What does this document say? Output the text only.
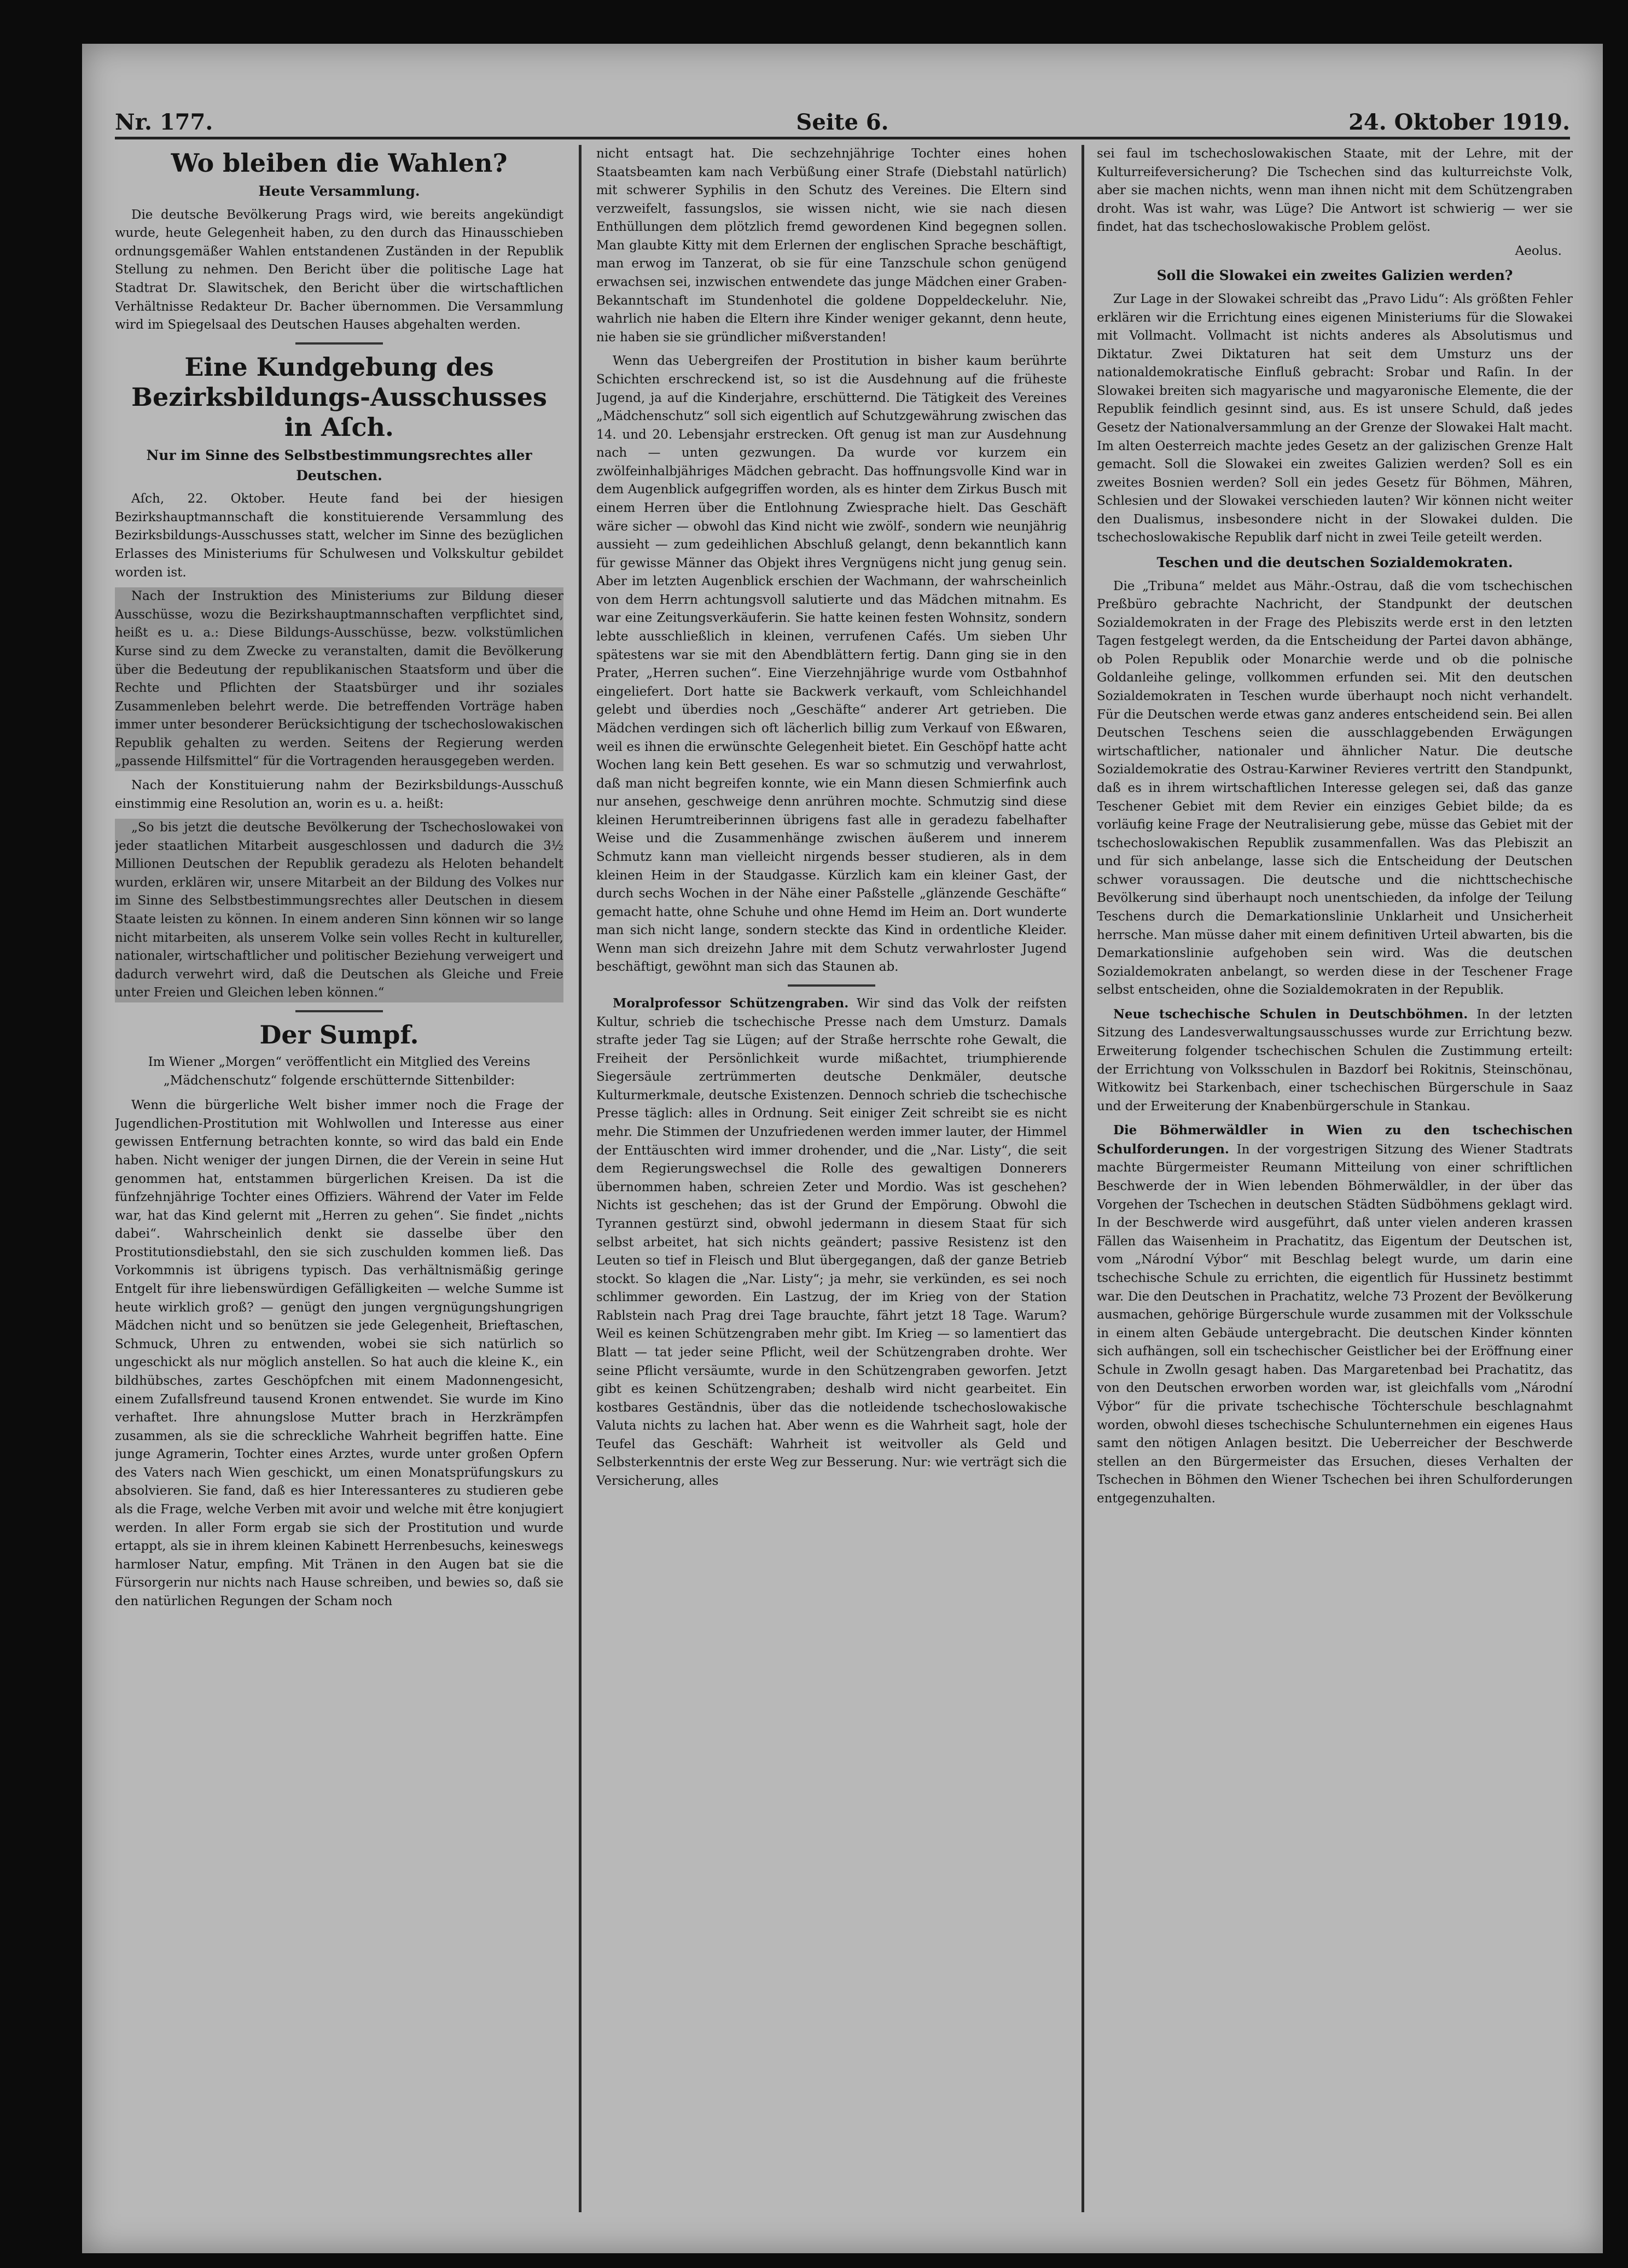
Nr. 177.	Seite 6.	24. Oktober 1919.
Wo bleiben die Wahlen?
Heute Versammlung.

Die deutsche Bevölkerung Prags wird, wie bereits angekündigt wurde, heute Gelegenheit haben, zu den durch das Hinausschieben ordnungsgemäßer Wahlen entstandenen Zuständen in der Republik Stellung zu nehmen. Den Bericht über die politische Lage hat Stadtrat Dr. Slawitschek, den Bericht über die wirtschaftlichen Verhältnisse Redakteur Dr. Bacher übernommen. Die Versammlung wird im Spiegelsaal des Deutschen Hauses abgehalten werden.

Eine Kundgebung des Bezirksbildungs-Ausschusses in Aſch.
Nur im Sinne des Selbstbestimmungsrechtes aller Deutschen.

Aſch, 22. Oktober. Heute fand bei der hiesigen Bezirkshauptmannschaft die konstituierende Versammlung des Bezirksbildungs-Ausschusses statt, welcher im Sinne des bezüglichen Erlasses des Ministeriums für Schulwesen und Volkskultur gebildet worden ist.

Nach der Instruktion des Ministeriums zur Bildung dieser Ausschüsse, wozu die Bezirkshauptmannschaften verpflichtet sind, heißt es u. a.: Diese Bildungs-Ausschüsse, bezw. volkstümlichen Kurse sind zu dem Zwecke zu veranstalten, damit die Bevölkerung über die Bedeutung der republikanischen Staatsform und über die Rechte und Pflichten der Staatsbürger und ihr soziales Zusammenleben belehrt werde. Die betreffenden Vorträge haben immer unter besonderer Berücksichtigung der tschechoslowakischen Republik gehalten zu werden. Seitens der Regierung werden „passende Hilfsmittel“ für die Vortragenden herausgegeben werden.

Nach der Konstituierung nahm der Bezirksbildungs-Ausschuß einstimmig eine Resolution an, worin es u. a. heißt:

„So bis jetzt die deutsche Bevölkerung der Tschechoslowakei von jeder staatlichen Mitarbeit ausgeschlossen und dadurch die 3½ Millionen Deutschen der Republik geradezu als Heloten behandelt wurden, erklären wir, unsere Mitarbeit an der Bildung des Volkes nur im Sinne des Selbstbestimmungsrechtes aller Deutschen in diesem Staate leisten zu können. In einem anderen Sinn können wir so lange nicht mitarbeiten, als unserem Volke sein volles Recht in kultureller, nationaler, wirtschaftlicher und politischer Beziehung verweigert und dadurch verwehrt wird, daß die Deutschen als Gleiche und Freie unter Freien und Gleichen leben können.“

Der Sumpf.
Im Wiener „Morgen“ veröffentlicht ein Mitglied des Vereins „Mädchenschutz“ folgende erschütternde Sittenbilder:

Wenn die bürgerliche Welt bisher immer noch die Frage der Jugendlichen-Prostitution mit Wohlwollen und Interesse aus einer gewissen Entfernung betrachten konnte, so wird das bald ein Ende haben. Nicht weniger der jungen Dirnen, die der Verein in seine Hut genommen hat, entstammen bürgerlichen Kreisen. Da ist die fünfzehnjährige Tochter eines Offiziers. Während der Vater im Felde war, hat das Kind gelernt mit „Herren zu gehen“. Sie findet „nichts dabei“. Wahrscheinlich denkt sie dasselbe über den Prostitutionsdiebstahl, den sie sich zuschulden kommen ließ. Das Vorkommnis ist übrigens typisch. Das verhältnismäßig geringe Entgelt für ihre liebenswürdigen Gefälligkeiten — welche Summe ist heute wirklich groß? — genügt den jungen vergnügungshungrigen Mädchen nicht und so benützen sie jede Gelegenheit, Brieftaschen, Schmuck, Uhren zu entwenden, wobei sie sich natürlich so ungeschickt als nur möglich anstellen. So hat auch die kleine K., ein bildhübsches, zartes Geschöpfchen mit einem Madonnengesicht, einem Zufallsfreund tausend Kronen entwendet. Sie wurde im Kino verhaftet. Ihre ahnungslose Mutter brach in Herzkrämpfen zusammen, als sie die schreckliche Wahrheit begriffen hatte. Eine junge Agramerin, Tochter eines Arztes, wurde unter großen Opfern des Vaters nach Wien geschickt, um einen Monatsprüfungskurs zu absolvieren. Sie fand, daß es hier Interessanteres zu studieren gebe als die Frage, welche Verben mit avoir und welche mit être konjugiert werden. In aller Form ergab sie sich der Prostitution und wurde ertappt, als sie in ihrem kleinen Kabinett Herrenbesuchs, keineswegs harmloser Natur, empfing. Mit Tränen in den Augen bat sie die Fürsorgerin nur nichts nach Hause schreiben, und bewies so, daß sie den natürlichen Regungen der Scham noch

nicht entsagt hat. Die sechzehnjährige Tochter eines hohen Staatsbeamten kam nach Verbüßung einer Strafe (Diebstahl natürlich) mit schwerer Syphilis in den Schutz des Vereines. Die Eltern sind verzweifelt, fassungslos, sie wissen nicht, wie sie nach diesen Enthüllungen dem plötzlich fremd gewordenen Kind begegnen sollen. Man glaubte Kitty mit dem Erlernen der englischen Sprache beschäftigt, man erwog im Tanzerat, ob sie für eine Tanzschule schon genügend erwachsen sei, inzwischen entwendete das junge Mädchen einer Graben-Bekanntschaft im Stundenhotel die goldene Doppeldeckeluhr. Nie, wahrlich nie haben die Eltern ihre Kinder weniger gekannt, denn heute, nie haben sie sie gründlicher mißverstanden!

Wenn das Uebergreifen der Prostitution in bisher kaum berührte Schichten erschreckend ist, so ist die Ausdehnung auf die früheste Jugend, ja auf die Kinderjahre, erschütternd. Die Tätigkeit des Vereines „Mädchenschutz“ soll sich eigentlich auf Schutzgewährung zwischen das 14. und 20. Lebensjahr erstrecken. Oft genug ist man zur Ausdehnung nach — unten gezwungen. Da wurde vor kurzem ein zwölfeinhalbjähriges Mädchen gebracht. Das hoffnungsvolle Kind war in dem Augenblick aufgegriffen worden, als es hinter dem Zirkus Busch mit einem Herren über die Entlohnung Zwiesprache hielt. Das Geschäft wäre sicher — obwohl das Kind nicht wie zwölf-, sondern wie neunjährig aussieht — zum gedeihlichen Abschluß gelangt, denn bekanntlich kann für gewisse Männer das Objekt ihres Vergnügens nicht jung genug sein. Aber im letzten Augenblick erschien der Wachmann, der wahrscheinlich von dem Herrn achtungsvoll salutierte und das Mädchen mitnahm. Es war eine Zeitungsverkäuferin. Sie hatte keinen festen Wohnsitz, sondern lebte ausschließlich in kleinen, verrufenen Cafés. Um sieben Uhr spätestens war sie mit den Abendblättern fertig. Dann ging sie in den Prater, „Herren suchen“. Eine Vierzehnjährige wurde vom Ostbahnhof eingeliefert. Dort hatte sie Backwerk verkauft, vom Schleichhandel gelebt und überdies noch „Geschäfte“ anderer Art getrieben. Die Mädchen verdingen sich oft lächerlich billig zum Verkauf von Eßwaren, weil es ihnen die erwünschte Gelegenheit bietet. Ein Geschöpf hatte acht Wochen lang kein Bett gesehen. Es war so schmutzig und verwahrlost, daß man nicht begreifen konnte, wie ein Mann diesen Schmierfink auch nur ansehen, geschweige denn anrühren mochte. Schmutzig sind diese kleinen Herumtreiberinnen übrigens fast alle in geradezu fabelhafter Weise und die Zusammenhänge zwischen äußerem und innerem Schmutz kann man vielleicht nirgends besser studieren, als in dem kleinen Heim in der Staudgasse. Kürzlich kam ein kleiner Gast, der durch sechs Wochen in der Nähe einer Paßstelle „glänzende Geschäfte“ gemacht hatte, ohne Schuhe und ohne Hemd im Heim an. Dort wunderte man sich nicht lange, sondern steckte das Kind in ordentliche Kleider. Wenn man sich dreizehn Jahre mit dem Schutz verwahrloster Jugend beschäftigt, gewöhnt man sich das Staunen ab.

Moralprofessor Schützengraben. Wir sind das Volk der reifsten Kultur, schrieb die tschechische Presse nach dem Umsturz. Damals strafte jeder Tag sie Lügen; auf der Straße herrschte rohe Gewalt, die Freiheit der Persönlichkeit wurde mißachtet, triumphierende Siegersäule zertrümmerten deutsche Denkmäler, deutsche Kulturmerkmale, deutsche Existenzen. Dennoch schrieb die tschechische Presse täglich: alles in Ordnung. Seit einiger Zeit schreibt sie es nicht mehr. Die Stimmen der Unzufriedenen werden immer lauter, der Himmel der Enttäuschten wird immer drohender, und die „Nar. Listy“, die seit dem Regierungswechsel die Rolle des gewaltigen Donnerers übernommen haben, schreien Zeter und Mordio. Was ist geschehen? Nichts ist geschehen; das ist der Grund der Empörung. Obwohl die Tyrannen gestürzt sind, obwohl jedermann in diesem Staat für sich selbst arbeitet, hat sich nichts geändert; passive Resistenz ist den Leuten so tief in Fleisch und Blut übergegangen, daß der ganze Betrieb stockt. So klagen die „Nar. Listy“; ja mehr, sie verkünden, es sei noch schlimmer geworden. Ein Lastzug, der im Krieg von der Station Rablstein nach Prag drei Tage brauchte, fährt jetzt 18 Tage. Warum? Weil es keinen Schützengraben mehr gibt. Im Krieg — so lamentiert das Blatt — tat jeder seine Pflicht, weil der Schützengraben drohte. Wer seine Pflicht versäumte, wurde in den Schützengraben geworfen. Jetzt gibt es keinen Schützengraben; deshalb wird nicht gearbeitet. Ein kostbares Geständnis, über das die notleidende tschechoslowakische Valuta nichts zu lachen hat. Aber wenn es die Wahrheit sagt, hole der Teufel das Geschäft: Wahrheit ist weitvoller als Geld und Selbsterkenntnis der erste Weg zur Besserung. Nur: wie verträgt sich die Versicherung, alles

sei faul im tschechoslowakischen Staate, mit der Lehre, mit der Kulturreifeversicherung? Die Tschechen sind das kulturreichste Volk, aber sie machen nichts, wenn man ihnen nicht mit dem Schützengraben droht. Was ist wahr, was Lüge? Die Antwort ist schwierig — wer sie findet, hat das tschechoslowakische Problem gelöst.

Aeolus.
Soll die Slowakei ein zweites Galizien werden?

Zur Lage in der Slowakei schreibt das „Pravo Lidu“: Als größten Fehler erklären wir die Errichtung eines eigenen Ministeriums für die Slowakei mit Vollmacht. Vollmacht ist nichts anderes als Absolutismus und Diktatur. Zwei Diktaturen hat seit dem Umsturz uns der nationaldemokratische Einfluß gebracht: Srobar und Raſin. In der Slowakei breiten sich magyarische und magyaronische Elemente, die der Republik feindlich gesinnt sind, aus. Es ist unsere Schuld, daß jedes Gesetz der Nationalversammlung an der Grenze der Slowakei Halt macht. Im alten Oesterreich machte jedes Gesetz an der galizischen Grenze Halt gemacht. Soll die Slowakei ein zweites Galizien werden? Soll es ein zweites Bosnien werden? Soll ein jedes Gesetz für Böhmen, Mähren, Schlesien und der Slowakei verschieden lauten? Wir können nicht weiter den Dualismus, insbesondere nicht in der Slowakei dulden. Die tschechoslowakische Republik darf nicht in zwei Teile geteilt werden.

Teschen und die deutschen Sozialdemokraten.

Die „Tribuna“ meldet aus Mähr.-Ostrau, daß die vom tschechischen Preßbüro gebrachte Nachricht, der Standpunkt der deutschen Sozialdemokraten in der Frage des Plebiszits werde erst in den letzten Tagen festgelegt werden, da die Entscheidung der Partei davon abhänge, ob Polen Republik oder Monarchie werde und ob die polnische Goldanleihe gelinge, vollkommen erfunden sei. Mit den deutschen Sozialdemokraten in Teschen wurde überhaupt noch nicht verhandelt. Für die Deutschen werde etwas ganz anderes entscheidend sein. Bei allen Deutschen Teschens seien die ausschlaggebenden Erwägungen wirtschaftlicher, nationaler und ähnlicher Natur. Die deutsche Sozialdemokratie des Ostrau-Karwiner Revieres vertritt den Standpunkt, daß es in ihrem wirtschaftlichen Interesse gelegen sei, daß das ganze Teschener Gebiet mit dem Revier ein einziges Gebiet bilde; da es vorläufig keine Frage der Neutralisierung gebe, müsse das Gebiet mit der tschechoslowakischen Republik zusammenfallen. Was das Plebiszit an und für sich anbelange, lasse sich die Entscheidung der Deutschen schwer voraussagen. Die deutsche und die nichttschechische Bevölkerung sind überhaupt noch unentschieden, da infolge der Teilung Teschens durch die Demarkationslinie Unklarheit und Unsicherheit herrsche. Man müsse daher mit einem definitiven Urteil abwarten, bis die Demarkationslinie aufgehoben sein wird. Was die deutschen Sozialdemokraten anbelangt, so werden diese in der Teschener Frage selbst entscheiden, ohne die Sozialdemokraten in der Republik.

Neue tschechische Schulen in Deutschböhmen. In der letzten Sitzung des Landesverwaltungsausschusses wurde zur Errichtung bezw. Erweiterung folgender tschechischen Schulen die Zustimmung erteilt: der Errichtung von Volksschulen in Bazdorf bei Rokitnis, Steinschönau, Witkowitz bei Starkenbach, einer tschechischen Bürgerschule in Saaz und der Erweiterung der Knabenbürgerschule in Stankau.

Die Böhmerwäldler in Wien zu den tschechischen Schulforderungen. In der vorgestrigen Sitzung des Wiener Stadtrats machte Bürgermeister Reumann Mitteilung von einer schriftlichen Beschwerde der in Wien lebenden Böhmerwäldler, in der über das Vorgehen der Tschechen in deutschen Städten Südböhmens geklagt wird. In der Beschwerde wird ausgeführt, daß unter vielen anderen krassen Fällen das Waisenheim in Prachatitz, das Eigentum der Deutschen ist, vom „Národní Výbor“ mit Beschlag belegt wurde, um darin eine tschechische Schule zu errichten, die eigentlich für Hussinetz bestimmt war. Die den Deutschen in Prachatitz, welche 73 Prozent der Bevölkerung ausmachen, gehörige Bürgerschule wurde zusammen mit der Volksschule in einem alten Gebäude untergebracht. Die deutschen Kinder könnten sich aufhängen, soll ein tschechischer Geistlicher bei der Eröffnung einer Schule in Zwolln gesagt haben. Das Margaretenbad bei Prachatitz, das von den Deutschen erworben worden war, ist gleichfalls vom „Národní Výbor“ für die private tschechische Töchterschule beschlagnahmt worden, obwohl dieses tschechische Schulunternehmen ein eigenes Haus samt den nötigen Anlagen besitzt. Die Ueberreicher der Beschwerde stellen an den Bürgermeister das Ersuchen, dieses Verhalten der Tschechen in Böhmen den Wiener Tschechen bei ihren Schulforderungen entgegenzuhalten.
